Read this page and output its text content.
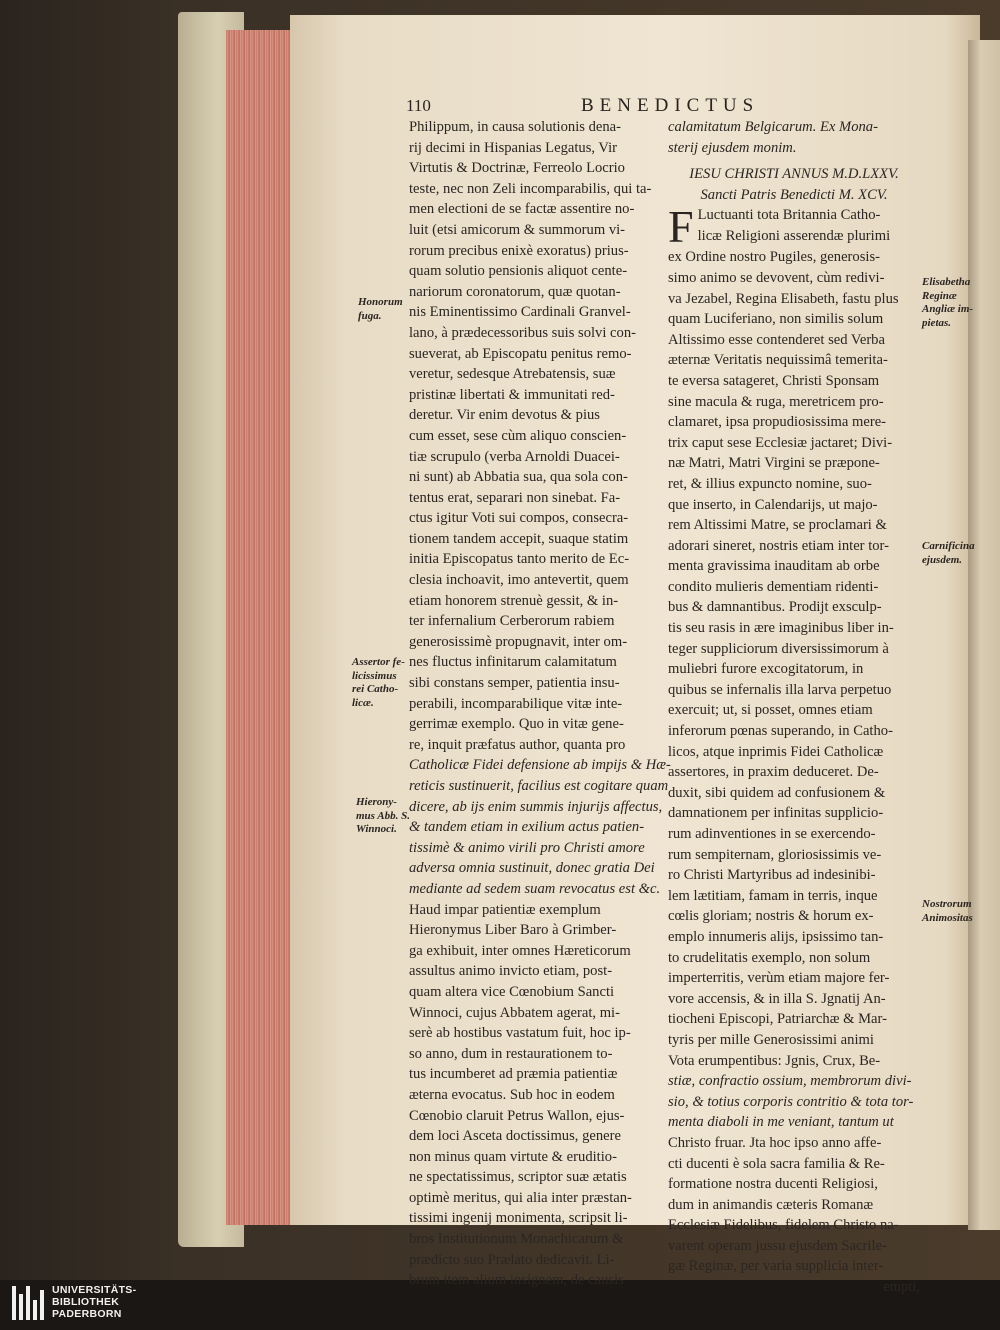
110	BENEDICTUS
Philippum, in causa solutionis dena-
rij decimi in Hispanias Legatus, Vir
Virtutis & Doctrinæ, Ferreolo Locrio
teste, nec non Zeli incomparabilis, qui ta-
men electioni de se factæ assentire no-
luit (etsi amicorum & summorum vi-
rorum precibus enixè exoratus) prius-
quam solutio pensionis aliquot cente-
nariorum coronatorum, quæ quotan-
nis Eminentissimo Cardinali Granvel-
lano, à prædecessoribus suis solvi con-
sueverat, ab Episcopatu penitus remo-
veretur, sedesque Atrebatensis, suæ
pristinæ libertati & immunitati red-
deretur. Vir enim devotus & pius
cum esset, sese cùm aliquo conscien-
tiæ scrupulo (verba Arnoldi Duacei-
ni sunt) ab Abbatia sua, qua sola con-
tentus erat, separari non sinebat. Fa-
ctus igitur Voti sui compos, consecra-
tionem tandem accepit, suaque statim
initia Episcopatus tanto merito de Ec-
clesia inchoavit, imo antevertit, quem
etiam honorem strenuè gessit, & in-
ter infernalium Cerberorum rabiem
generosissimè propugnavit, inter om-
nes fluctus infinitarum calamitatum
sibi constans semper, patientia insu-
perabili, incomparabilique vitæ inte-
gerrimæ exemplo. Quo in vitæ gene-
re, inquit præfatus author, quanta pro
Catholicæ Fidei defensione ab impijs & Hæ-
reticis sustinuerit, facilius est cogitare quam
dicere, ab ijs enim summis injurijs affectus,
& tandem etiam in exilium actus patien-
tissimè & animo virili pro Christi amore
adversa omnia sustinuit, donec gratia Dei
mediante ad sedem suam revocatus est &c.
Haud impar patientiæ exemplum
Hieronymus Liber Baro à Grimber-
ga exhibuit, inter omnes Hæreticorum
assultus animo invicto etiam, post-
quam altera vice Cœnobium Sancti
Winnoci, cujus Abbatem agerat, mi-
serè ab hostibus vastatum fuit, hoc ip-
so anno, dum in restaurationem to-
tus incumberet ad præmia patientiæ
æterna evocatus. Sub hoc in eodem
Cœnobio claruit Petrus Wallon, ejus-
dem loci Asceta doctissimus, genere
non minus quam virtute & eruditio-
ne spectatissimus, scriptor suæ ætatis
optimè meritus, qui alia inter præstan-
tissimi ingenij monimenta, scripsit li-
bros Institutionum Monachicarum &
prædicto suo Prælato dedicavit. Li-
brum item alium insignem, de causis
calamitatum Belgicarum. Ex Mona-
sterij ejusdem monim.
IESU CHRISTI ANNUS M.D.LXXV.
Sancti Patris Benedicti M. XCV.
F Luctuanti tota Britannia Catho-
licæ Religioni asserendæ plurimi
ex Ordine nostro Pugiles, generosis-
simo animo se devovent, cùm redivi-
va Jezabel, Regina Elisabeth, fastu plus
quam Luciferiano, non similis solum
Altissimo esse contenderet sed Verba
æternæ Veritatis nequissimâ temerita-
te eversa satageret, Christi Sponsam
sine macula & ruga, meretricem pro-
clamaret, ipsa propudiosissima mere-
trix caput sese Ecclesiæ jactaret; Divi-
næ Matri, Matri Virgini se præpone-
ret, & illius expuncto nomine, suo-
que inserto, in Calendarijs, ut majo-
rem Altissimi Matre, se proclamari &
adorari sineret, nostris etiam inter tor-
menta gravissima inauditam ab orbe
condito mulieris dementiam ridenti-
bus & damnantibus. Prodijt exsculp-
tis seu rasis in ære imaginibus liber in-
teger suppliciorum diversissimorum à
muliebri furore excogitatorum, in
quibus se infernalis illa larva perpetuo
exercuit; ut, si posset, omnes etiam
inferorum pœnas superando, in Catho-
licos, atque inprimis Fidei Catholicæ
assertores, in praxim deduceret. De-
duxit, sibi quidem ad confusionem &
damnationem per infinitas supplicio-
rum adinventiones in se exercendo-
rum sempiternam, gloriosissimis ve-
ro Christi Martyribus ad indesinibi-
lem lætitiam, famam in terris, inque
cœlis gloriam; nostris & horum ex-
emplo innumeris alijs, ipsissimo tan-
to crudelitatis exemplo, non solum
imperterritis, verùm etiam majore fer-
vore accensis, & in illa S. Jgnatij An-
tiocheni Episcopi, Patriarchæ & Mar-
tyris per mille Generosissimi animi
Vota erumpentibus: Jgnis, Crux, Be-
stiæ, confractio ossium, membrorum divi-
sio, & totius corporis contritio & tota tor-
menta diaboli in me veniant, tantum ut
Christo fruar. Jta hoc ipso anno affe-
cti ducenti è sola sacra familia & Re-
formatione nostra ducenti Religiosi,
dum in animandis cæteris Romanæ
Ecclesiæ Fidelibus, fidelem Christo na-
varent operam jussu ejusdem Sacrile-
gæ Reginæ, per varia supplicia inter-
empti,
Honorum
fuga.
Assertor fe-
licissimus
rei Catho-
licæ.
Hierony-
mus Abb. S.
Winnoci.
Elisabetha
Reginæ
Angliæ im-
pietas.
Carnificina
ejusdem.
Nostrorum
Animositas
UNIVERSITÄTS-
BIBLIOTHEK
PADERBORN
